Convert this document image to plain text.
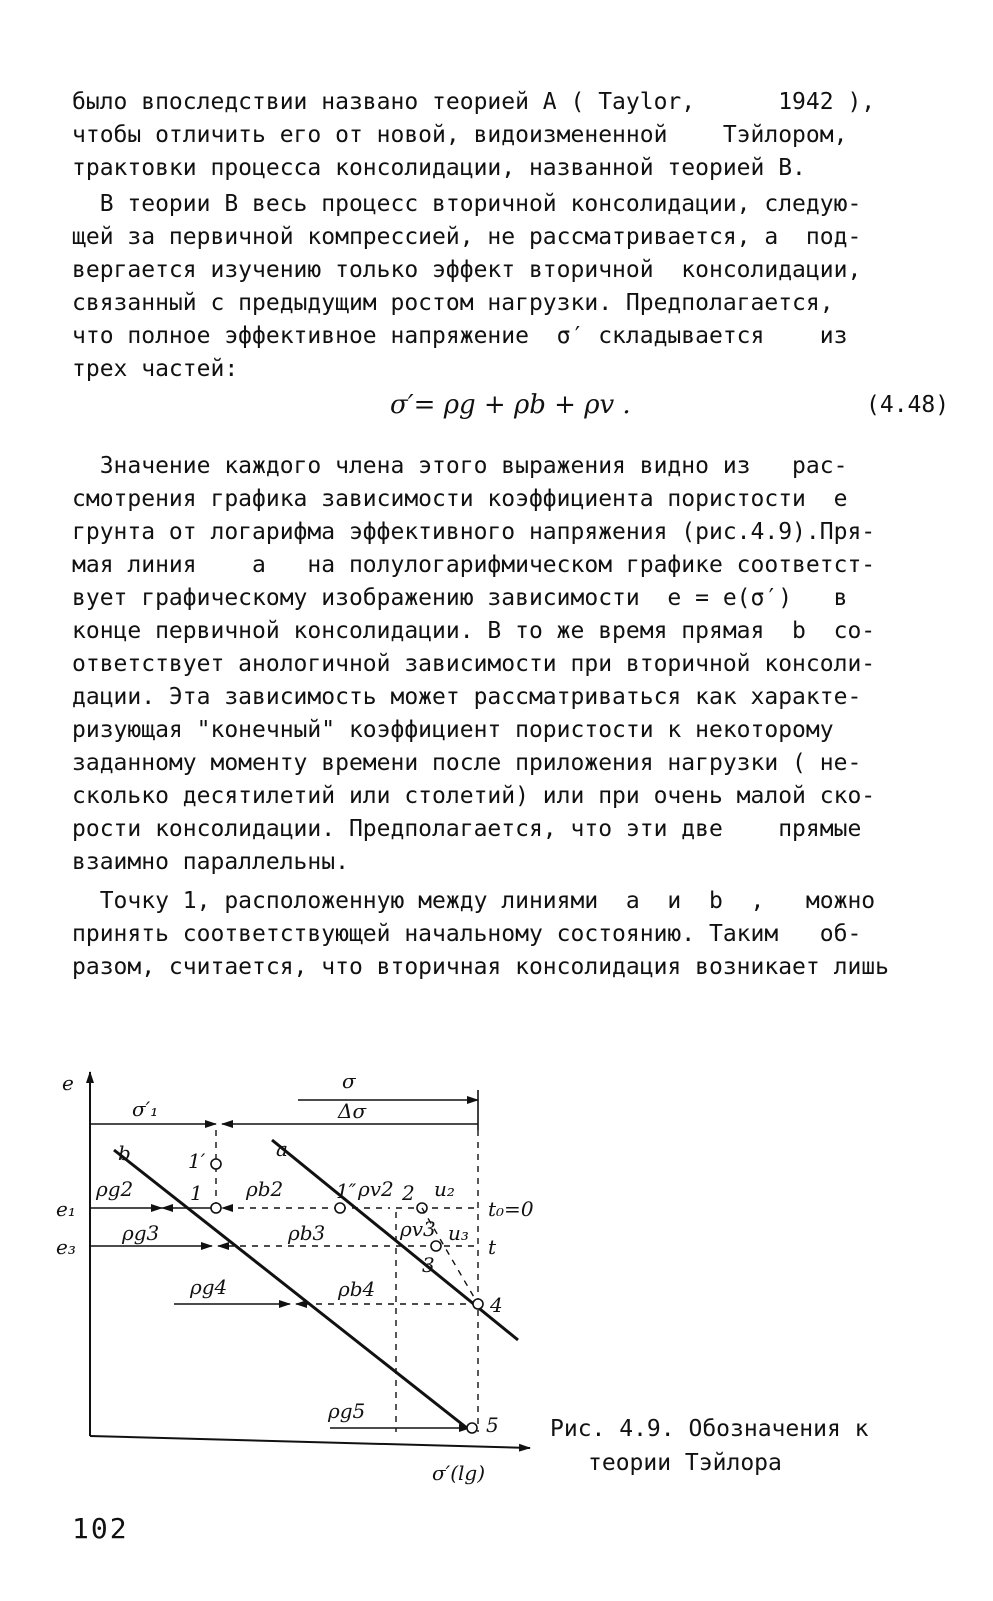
было впоследствии названо теорией А ( Taylor,      1942 ),
чтобы отличить его от новой, видоизмененной    Тэйлором,
трактовки процесса консолидации, названной теорией В.
В теории В весь процесс вторичной консолидации, следую-
щей за первичной компрессией, не рассматривается, а  под-
вергается изучению только эффект вторичной  консолидации,
связанный с предыдущим ростом нагрузки. Предполагается,
что полное эффективное напряжение  σ′ складывается    из
трех частей:
σ′= ρg + ρb + ρv .	(4.48)
Значение каждого члена этого выражения видно из   рас-
смотрения графика зависимости коэффициента пористости  e
грунта от логарифма эффективного напряжения (рис.4.9).Пря-
мая линия    a   на полулогарифмическом графике соответст-
вует графическому изображению зависимости  e = e(σ′)   в
конце первичной консолидации. В то же время прямая  b  со-
ответствует анологичной зависимости при вторичной консоли-
дации. Эта зависимость может рассматриваться как характе-
ризующая "конечный" коэффициент пористости к некоторому
заданному моменту времени после приложения нагрузки ( не-
сколько десятилетий или столетий) или при очень малой ско-
рости консолидации. Предполагается, что эти две    прямые
взаимно параллельны.
Точку 1, расположенную между линиями  a  и  b  ,   можно
принять соответствующей начальному состоянию. Таким   об-
разом, считается, что вторичная консолидация возникает лишь
e
σ′(lg)
σ
σ′₁	Δσ
b	a
e₁
e₃
1′
1	1″ 2
3
4
5
ρg2	ρb2	ρv2 u₂
t₀=0
ρg3	ρb3	ρv3 u₃
t
ρg4	ρb4
ρg5
Рис. 4.9. Обозначения к
теории Тэйлора
102
